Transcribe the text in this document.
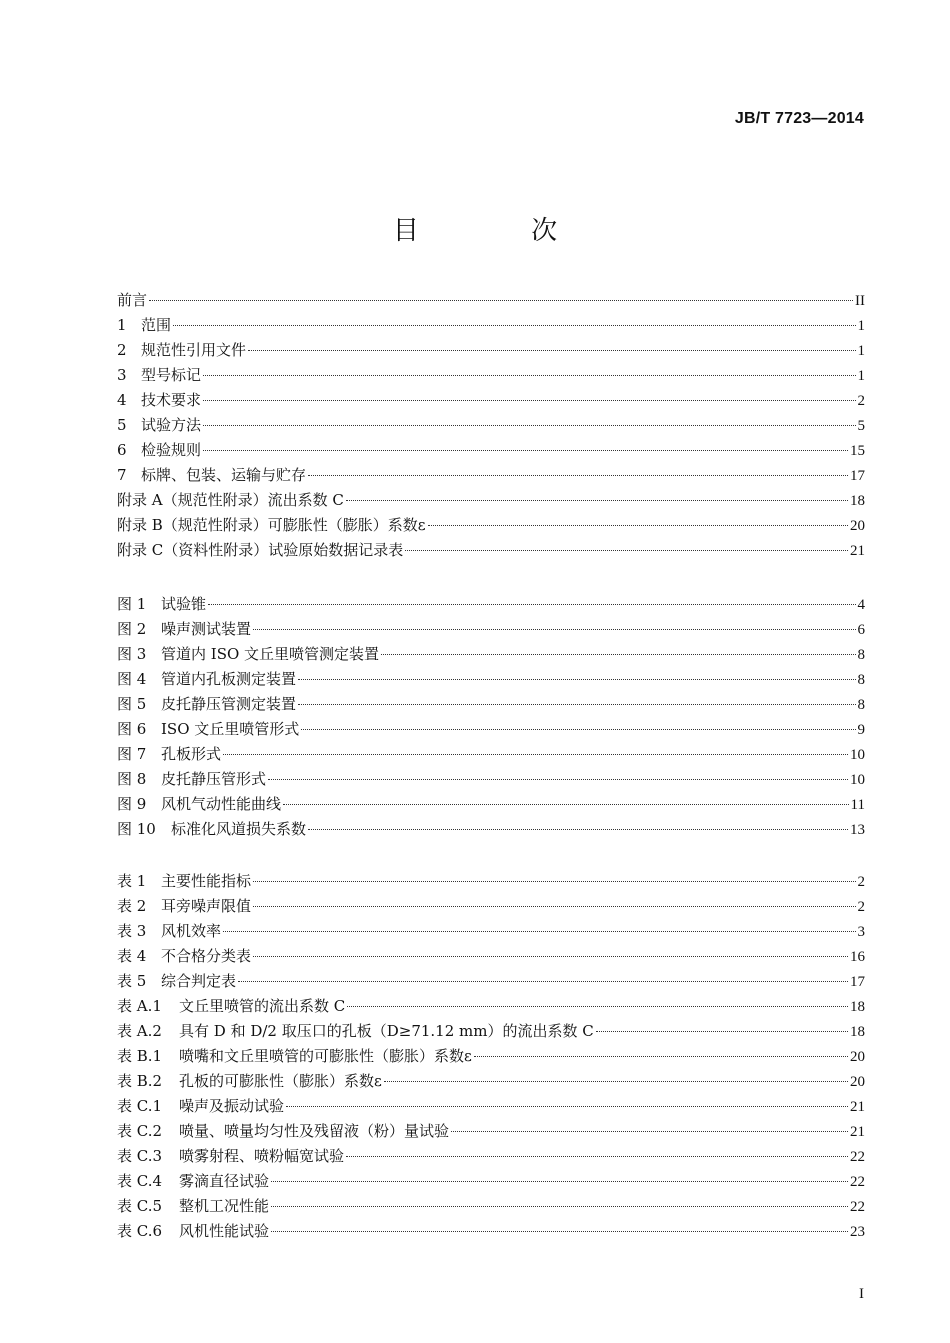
JB/T 7723—2014
目 次
前言	II
1 范围	1
2 规范性引用文件	1
3 型号标记	1
4 技术要求	2
5 试验方法	5
6 检验规则	15
7 标牌、包装、运输与贮存	17
附录 A（规范性附录）流出系数 C	18
附录 B（规范性附录）可膨胀性（膨胀）系数ε	20
附录 C（资料性附录）试验原始数据记录表	21
图 1 试验锥	4
图 2 噪声测试装置	6
图 3 管道内 ISO 文丘里喷管测定装置	8
图 4 管道内孔板测定装置	8
图 5 皮托静压管测定装置	8
图 6 ISO 文丘里喷管形式	9
图 7 孔板形式	10
图 8 皮托静压管形式	10
图 9 风机气动性能曲线	11
图 10	标准化风道损失系数	13
表 1 主要性能指标	2
表 2 耳旁噪声限值	2
表 3 风机效率	3
表 4 不合格分类表	16
表 5 综合判定表	17
表 A.1	文丘里喷管的流出系数 C	18
表 A.2	具有 D 和 D/2 取压口的孔板（D≥71.12 mm）的流出系数 C	18
表 B.1	喷嘴和文丘里喷管的可膨胀性（膨胀）系数ε	20
表 B.2	孔板的可膨胀性（膨胀）系数ε	20
表 C.1	噪声及振动试验	21
表 C.2	喷量、喷量均匀性及残留液（粉）量试验	21
表 C.3	喷雾射程、喷粉幅宽试验	22
表 C.4	雾滴直径试验	22
表 C.5	整机工况性能	22
表 C.6	风机性能试验	23
I
